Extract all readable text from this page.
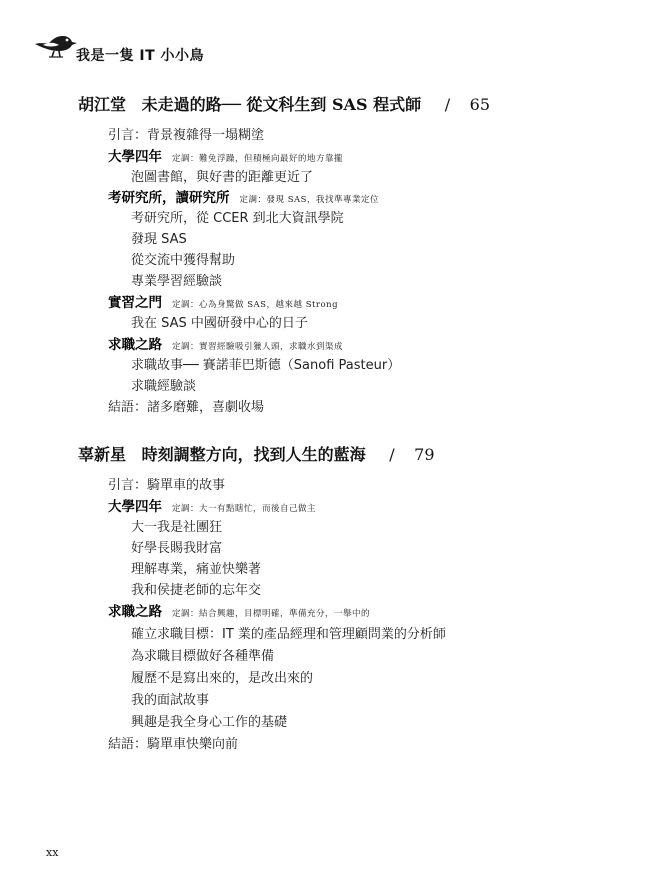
我是一隻 IT 小小鳥
胡江堂 未走過的路── 從文科生到 SAS 程式師 / 65
引言：背景複雜得一塌糊塗
大學四年 定調：難免浮躁，但積極向最好的地方靠攏
泡圖書館，與好書的距離更近了
考研究所，讀研究所 定調：發現 SAS，我找準專業定位
考研究所，從 CCER 到北大資訊學院
發現 SAS
從交流中獲得幫助
專業學習經驗談
實習之門 定調：心為身驚做 SAS，越來越 Strong
我在 SAS 中國研發中心的日子
求職之路 定調：實習經驗吸引獵人頭，求職水到渠成
求職故事── 賽諾菲巴斯德（Sanofi Pasteur）
求職經驗談
結語：諸多磨難，喜劇收場
辜新星 時刻調整方向，找到人生的藍海 / 79
引言：騎單車的故事
大學四年 定調：大一有點瞎忙，而後自己做主
大一我是社團狂
好學長賜我財富
理解專業，痛並快樂著
我和侯捷老師的忘年交
求職之路 定調：結合興趣，目標明確，準備充分，一舉中的
確立求職目標：IT 業的產品經理和管理顧問業的分析師
為求職目標做好各種準備
履歷不是寫出來的，是改出來的
我的面試故事
興趣是我全身心工作的基礎
結語：騎單車快樂向前
xx
